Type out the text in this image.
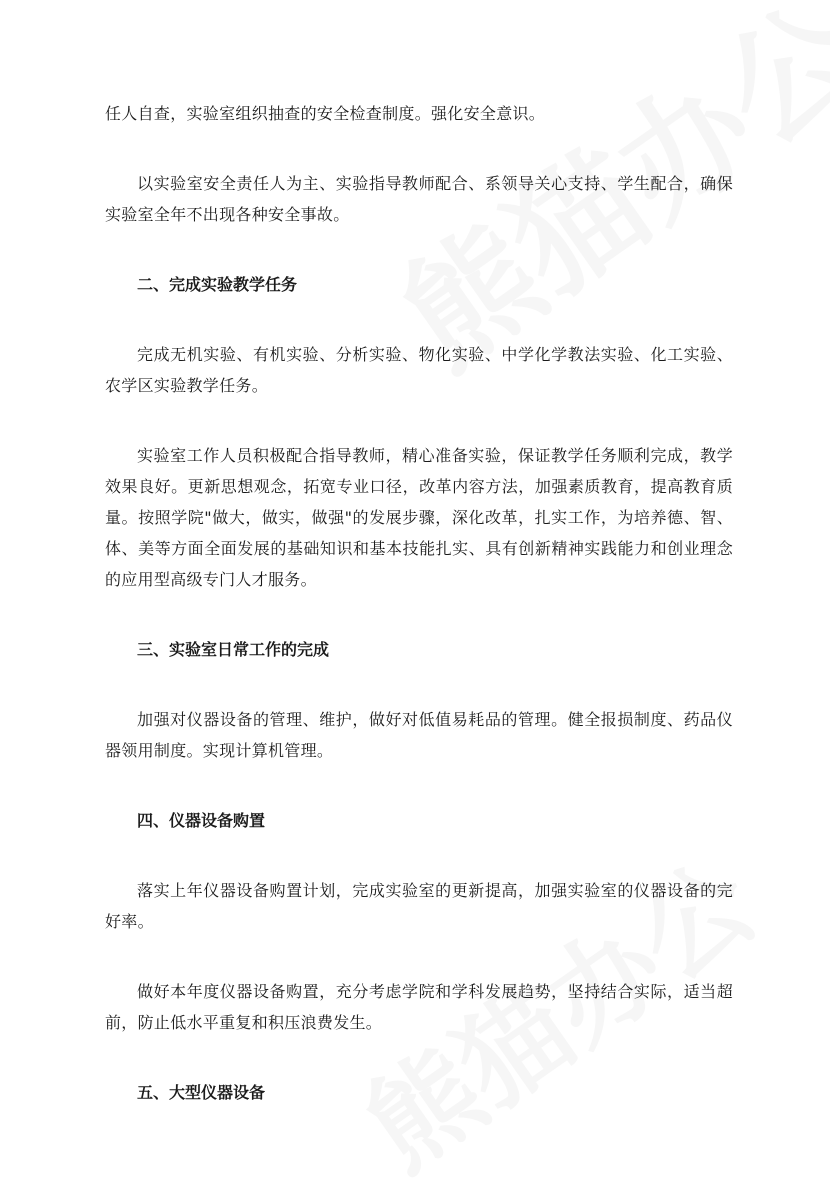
任人自查，实验室组织抽查的安全检查制度。强化安全意识。

以实验室安全责任人为主、实验指导教师配合、系领导关心支持、学生配合，确保实验室全年不出现各种安全事故。

二、完成实验教学任务

完成无机实验、有机实验、分析实验、物化实验、中学化学教法实验、化工实验、农学区实验教学任务。

实验室工作人员积极配合指导教师，精心准备实验，保证教学任务顺利完成，教学效果良好。更新思想观念，拓宽专业口径，改革内容方法，加强素质教育，提高教育质量。按照学院"做大，做实，做强"的发展步骤，深化改革，扎实工作，为培养德、智、体、美等方面全面发展的基础知识和基本技能扎实、具有创新精神实践能力和创业理念的应用型高级专门人才服务。

三、实验室日常工作的完成

加强对仪器设备的管理、维护，做好对低值易耗品的管理。健全报损制度、药品仪器领用制度。实现计算机管理。

四、仪器设备购置

落实上年仪器设备购置计划，完成实验室的更新提高，加强实验室的仪器设备的完好率。

做好本年度仪器设备购置，充分考虑学院和学科发展趋势，坚持结合实际，适当超前，防止低水平重复和积压浪费发生。

五、大型仪器设备
